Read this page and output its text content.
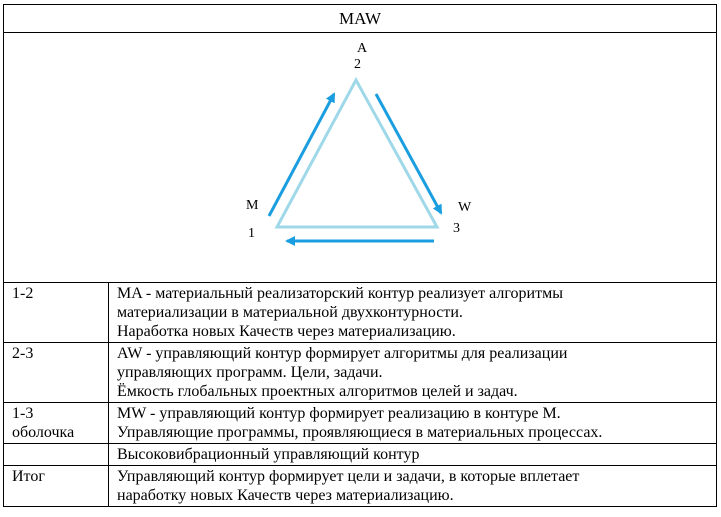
MAW
A
2
M
1
W
3
1-2	MA - материальный реализаторский контур реализует алгоритмы
материализации в материальной двухконтурности.
Наработка новых Качеств через материализацию.

2-3	AW - управляющий контур формирует алгоритмы для реализации
управляющих программ. Цели, задачи.
Ёмкость глобальных проектных алгоритмов целей и задач.

1-3
оболочка	MW - управляющий контур формирует реализацию в контуре М.
Управляющие программы, проявляющиеся в материальных процессах.

	Высоковибрационный управляющий контур

Итог	Управляющий контур формирует цели и задачи, в которые вплетает
наработку новых Качеств через материализацию.
